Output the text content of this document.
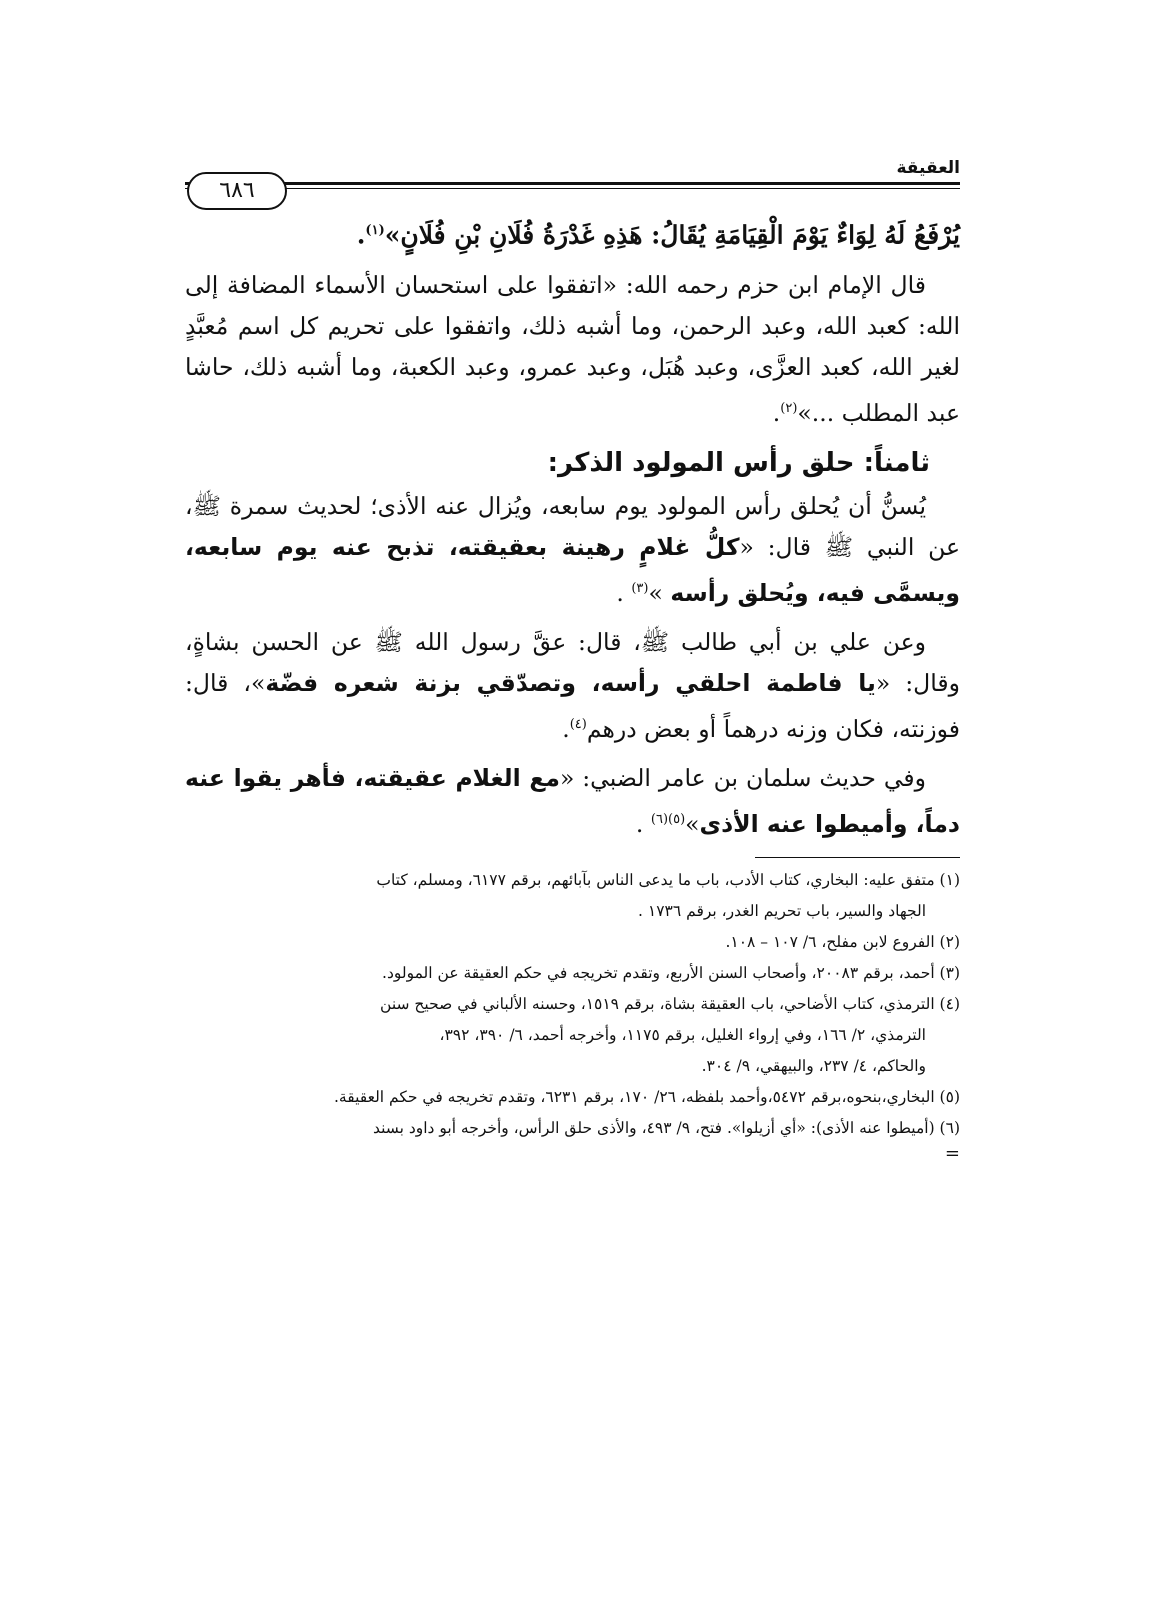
العقيقة
٦٨٦

يُرْفَعُ لَهُ لِوَاءٌ يَوْمَ الْقِيَامَةِ يُقَالُ: هَذِهِ غَدْرَةُ فُلَانِ بْنِ فُلَانٍ»$^{(١)}$.

قال الإمام ابن حزم رحمه الله: «اتفقوا على استحسان الأسماء المضافة إلى الله: كعبد الله، وعبد الرحمن، وما أشبه ذلك، واتفقوا على تحريم كل اسم مُعبَّدٍ لغير الله، كعبد العزَّى، وعبد هُبَل، وعبد عمرو، وعبد الكعبة، وما أشبه ذلك، حاشا عبد المطلب ...»$^{(٢)}$.

ثامناً: حلق رأس المولود الذكر:

يُسنُّ أن يُحلق رأس المولود يوم سابعه، ويُزال عنه الأذى؛ لحديث سمرة ﷺ، عن النبي ﷺ قال: «كلُّ غلامٍ رهينة بعقيقته، تذبح عنه يوم سابعه، ويسمَّى فيه، ويُحلق رأسه »$^{(٣)}$ .

وعن علي بن أبي طالب ﷺ، قال: عقَّ رسول الله ﷺ عن الحسن بشاةٍ، وقال: «يا فاطمة احلقي رأسه، وتصدّقي بزنة شعره فضّة»، قال: فوزنته، فكان وزنه درهماً أو بعض درهم$^{(٤)}$.

وفي حديث سلمان بن عامر الضبي: «مع الغلام عقيقته، فأهر يقوا عنه دماً، وأميطوا عنه الأذى»$^{(٥)(٦)}$ .

(١) متفق عليه: البخاري، كتاب الأدب، باب ما يدعى الناس بآبائهم، برقم ٦١٧٧، ومسلم، كتاب

الجهاد والسير، باب تحريم الغدر، برقم ١٧٣٦ .

(٢) الفروع لابن مفلح، ٦/ ١٠٧ – ١٠٨.

(٣) أحمد، برقم ٢٠٠٨٣، وأصحاب السنن الأربع، وتقدم تخريجه في حكم العقيقة عن المولود.

(٤) الترمذي، كتاب الأضاحي، باب العقيقة بشاة، برقم ١٥١٩، وحسنه الألباني في صحيح سنن

الترمذي، ٢/ ١٦٦، وفي إرواء الغليل، برقم ١١٧٥، وأخرجه أحمد، ٦/ ٣٩٠، ٣٩٢،

والحاكم، ٤/ ٢٣٧، والبيهقي، ٩/ ٣٠٤.

(٥) البخاري،بنحوه،برقم ٥٤٧٢،وأحمد بلفظه، ٢٦/ ١٧٠، برقم ٦٢٣١، وتقدم تخريجه في حكم العقيقة.

(٦) (أميطوا عنه الأذى): «أي أزيلوا». فتح، ٩/ ٤٩٣، والأذى حلق الرأس، وأخرجه أبو داود بسند

=
